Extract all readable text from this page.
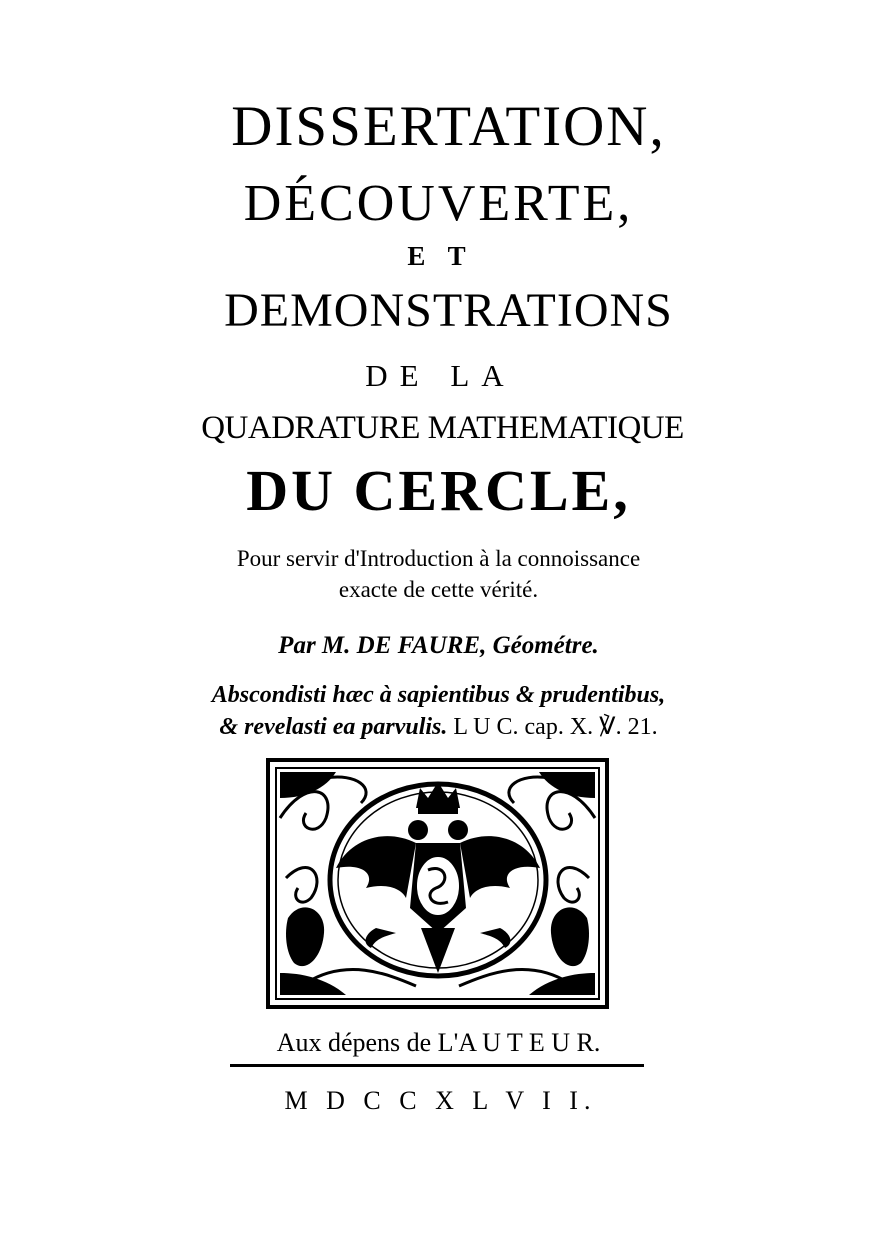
DISSERTATION,
DÉCOUVERTE,
E T
DEMONSTRATIONS
DE LA
QUADRATURE MATHEMATIQUE
DU CERCLE,
Pour servir d'Introduction à la connoissance
exacte de cette vérité.
Par M. DE FAURE, Géométre.
Abscondisti hæc à sapientibus & prudentibus,
& revelasti ea parvulis. L U C. cap. X. ℣. 21.
Aux dépens de L'A U T E U R.
M D C C X L V I I.
